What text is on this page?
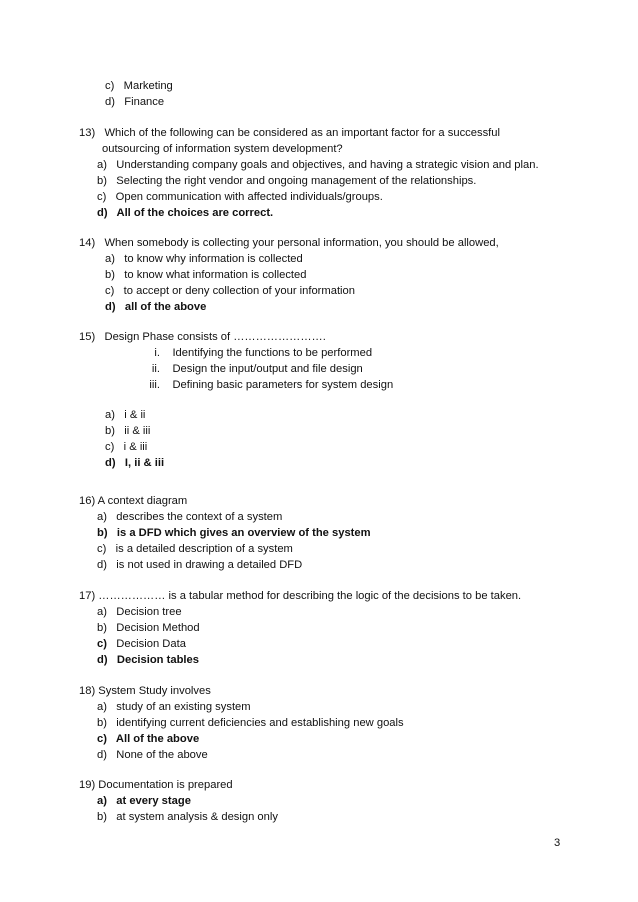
c) Marketing
d) Finance
13) Which of the following can be considered as an important factor for a successful
outsourcing of information system development?
a) Understanding company goals and objectives, and having a strategic vision and plan.
b) Selecting the right vendor and ongoing management of the relationships.
c) Open communication with affected individuals/groups.
d) All of the choices are correct.
14) When somebody is collecting your personal information, you should be allowed,
a) to know why information is collected
b) to know what information is collected
c) to accept or deny collection of your information
d) all of the above
15) Design Phase consists of …………………….
i. Identifying the functions to be performed
ii. Design the input/output and file design
iii. Defining basic parameters for system design
a) i & ii
b) ii & iii
c) i & iii
d) I, ii & iii
16) A context diagram
a) describes the context of a system
b) is a DFD which gives an overview of the system
c) is a detailed description of a system
d) is not used in drawing a detailed DFD
17) ……………… is a tabular method for describing the logic of the decisions to be taken.
a) Decision tree
b) Decision Method
c) Decision Data
d) Decision tables
18) System Study involves
a) study of an existing system
b) identifying current deficiencies and establishing new goals
c) All of the above
d) None of the above
19) Documentation is prepared
a) at every stage
b) at system analysis & design only
3
